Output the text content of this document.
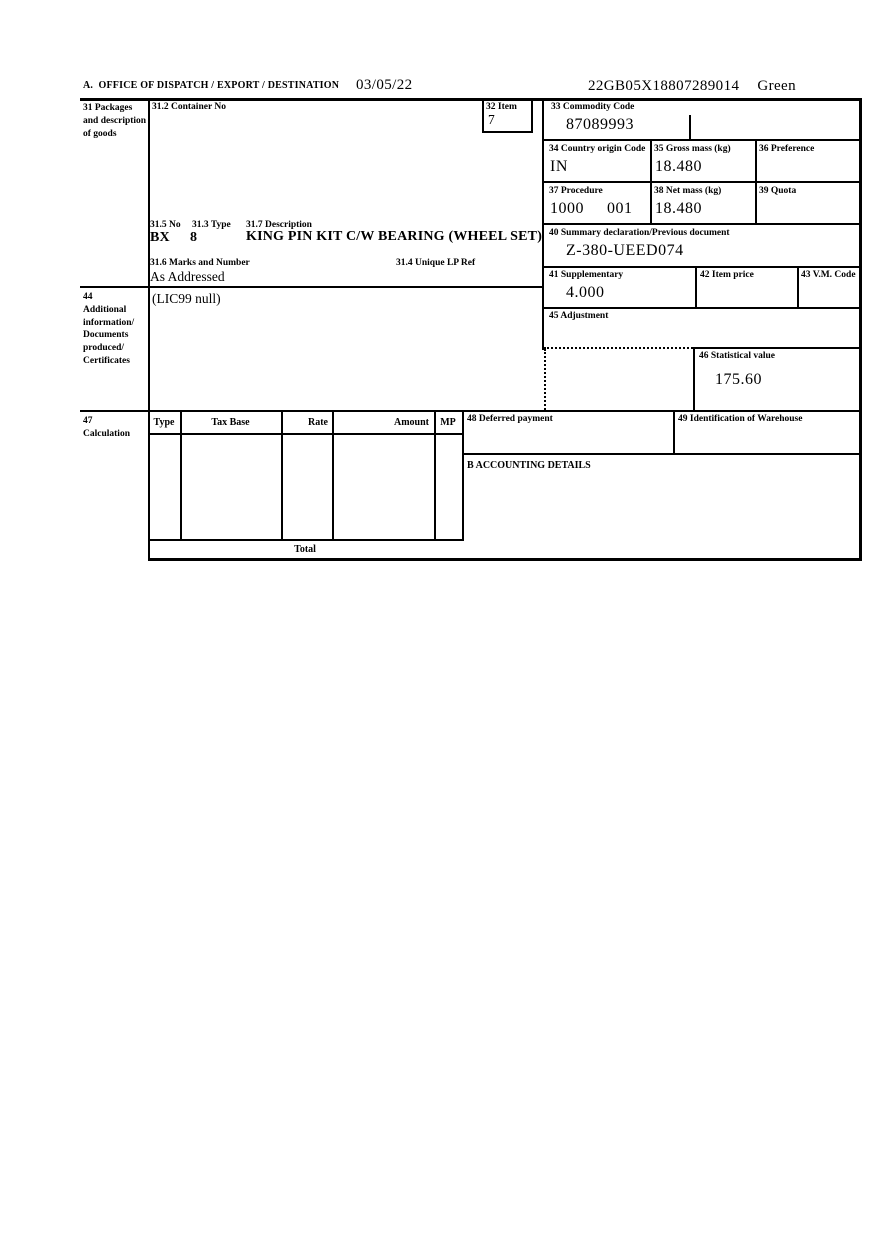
A.  OFFICE OF DISPATCH / EXPORT / DESTINATION 03/05/22	22GB05X18807289014 Green
31 Packages and description of goods
31.2 Container No
31.5 No 31.3 Type 31.7 Description
BX 8	KING PIN KIT C/W BEARING (WHEEL SET)
31.6 Marks and Number	31.4 Unique LP Ref
As Addressed
32 Item
7
33 Commodity Code
87089993
34 Country origin Code
IN
35 Gross mass (kg)
18.480
36 Preference
37 Procedure
1000 001
38 Net mass (kg)
18.480
39 Quota
40 Summary declaration/Previous document
Z-380-UEED074
41 Supplementary
4.000
42 Item price	43 V.M. Code
45 Adjustment
46 Statistical value
175.60
44
Additional information/ Documents produced/ Certificates
(LIC99 null)
47
Calculation
Type	Tax Base	Rate	Amount	MP
Total
48 Deferred payment	49 Identification of Warehouse
B ACCOUNTING DETAILS
